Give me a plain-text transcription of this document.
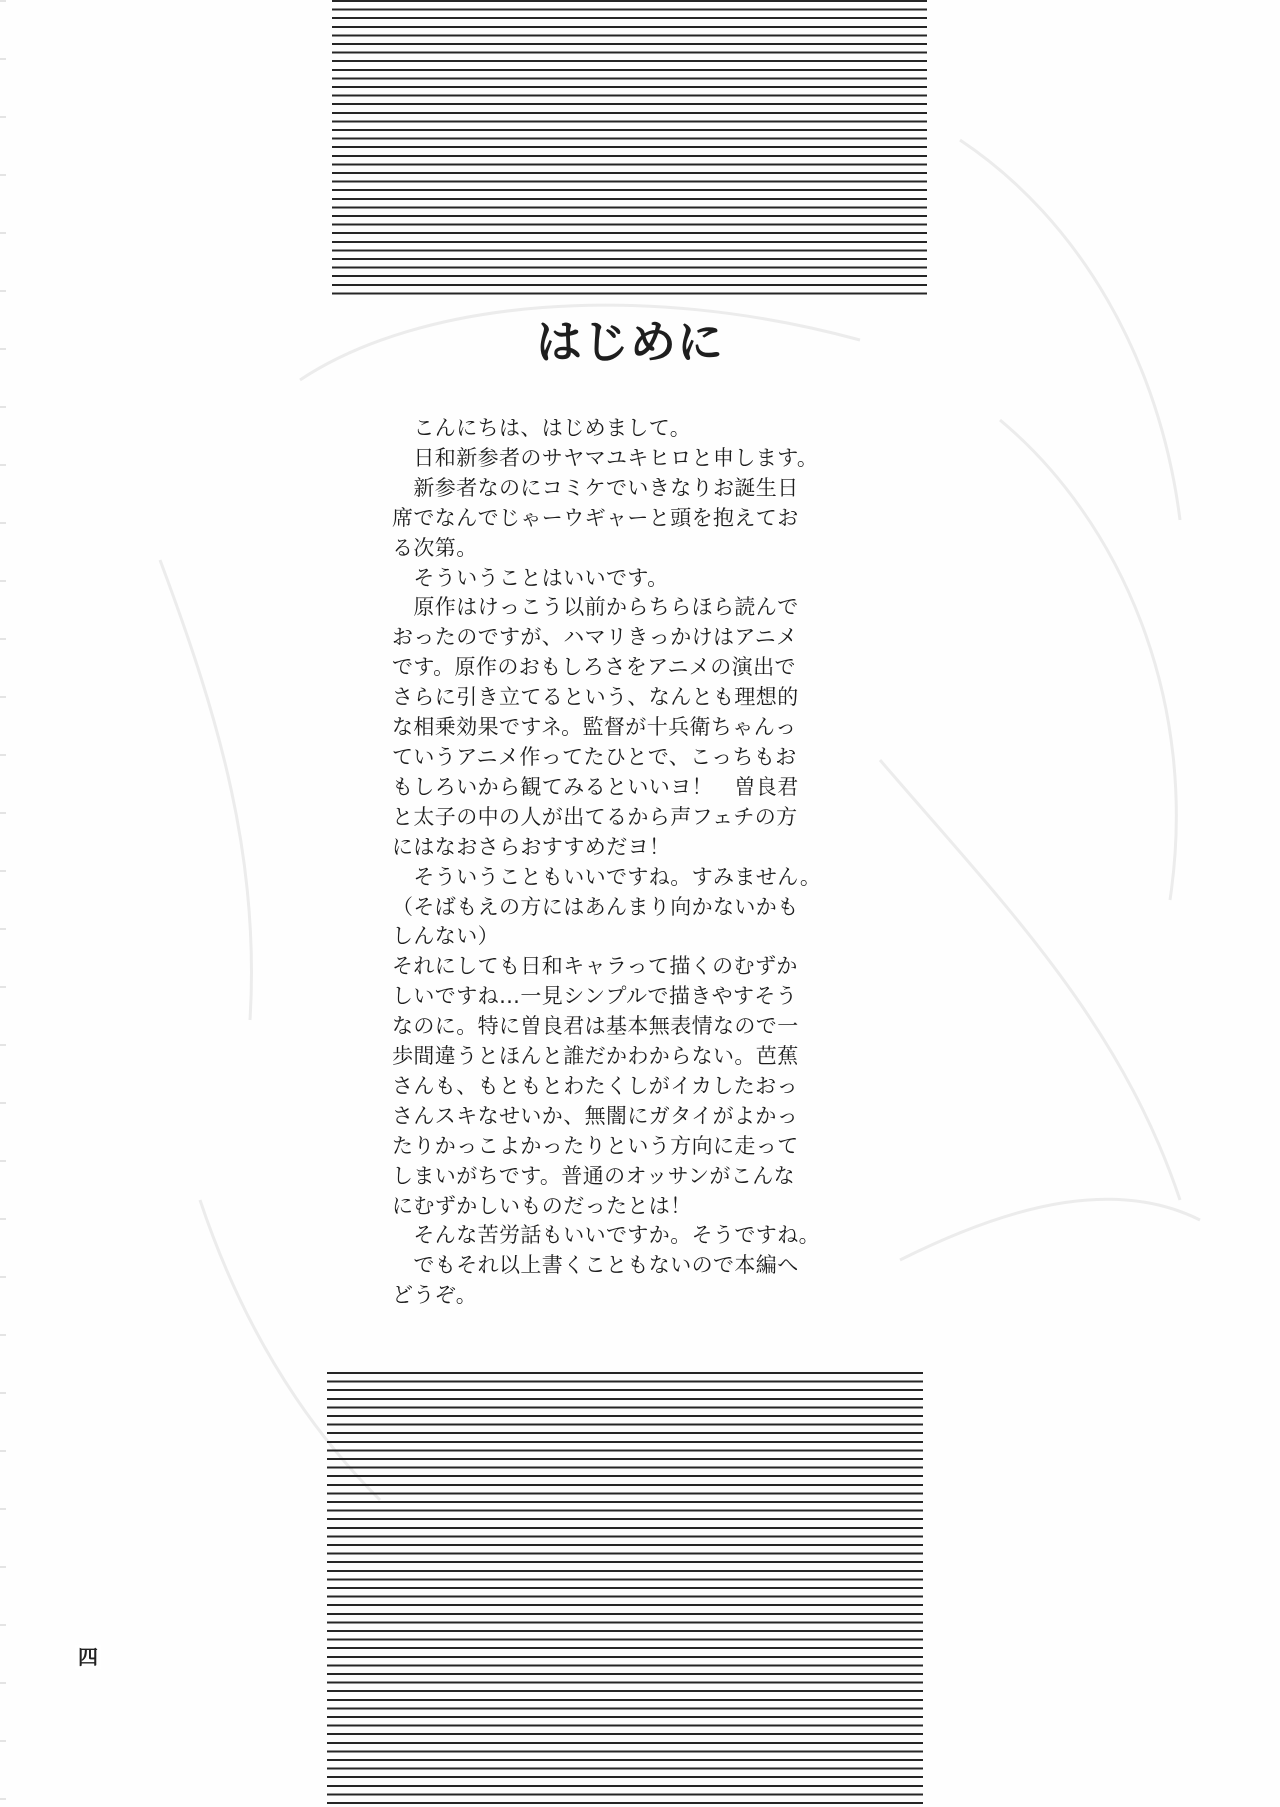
はじめに

　こんにちは、はじめまして。

　日和新参者のサヤマユキヒロと申します。

　新参者なのにコミケでいきなりお誕生日

席でなんでじゃーウギャーと頭を抱えてお

る次第。

　そういうことはいいです。

　原作はけっこう以前からちらほら読んで

おったのですが、ハマリきっかけはアニメ

です。原作のおもしろさをアニメの演出で

さらに引き立てるという、なんとも理想的

な相乗効果ですネ。監督が十兵衛ちゃんっ

ていうアニメ作ってたひとで、こっちもお

もしろいから観てみるといいヨ！　曽良君

と太子の中の人が出てるから声フェチの方

にはなおさらおすすめだヨ！

　そういうこともいいですね。すみません。

（そばもえの方にはあんまり向かないかも

しんない）

それにしても日和キャラって描くのむずか

しいですね…一見シンプルで描きやすそう

なのに。特に曽良君は基本無表情なので一

歩間違うとほんと誰だかわからない。芭蕉

さんも、もともとわたくしがイカしたおっ

さんスキなせいか、無闇にガタイがよかっ

たりかっこよかったりという方向に走って

しまいがちです。普通のオッサンがこんな

にむずかしいものだったとは！

　そんな苦労話もいいですか。そうですね。

　でもそれ以上書くこともないので本編へ

どうぞ。

四
